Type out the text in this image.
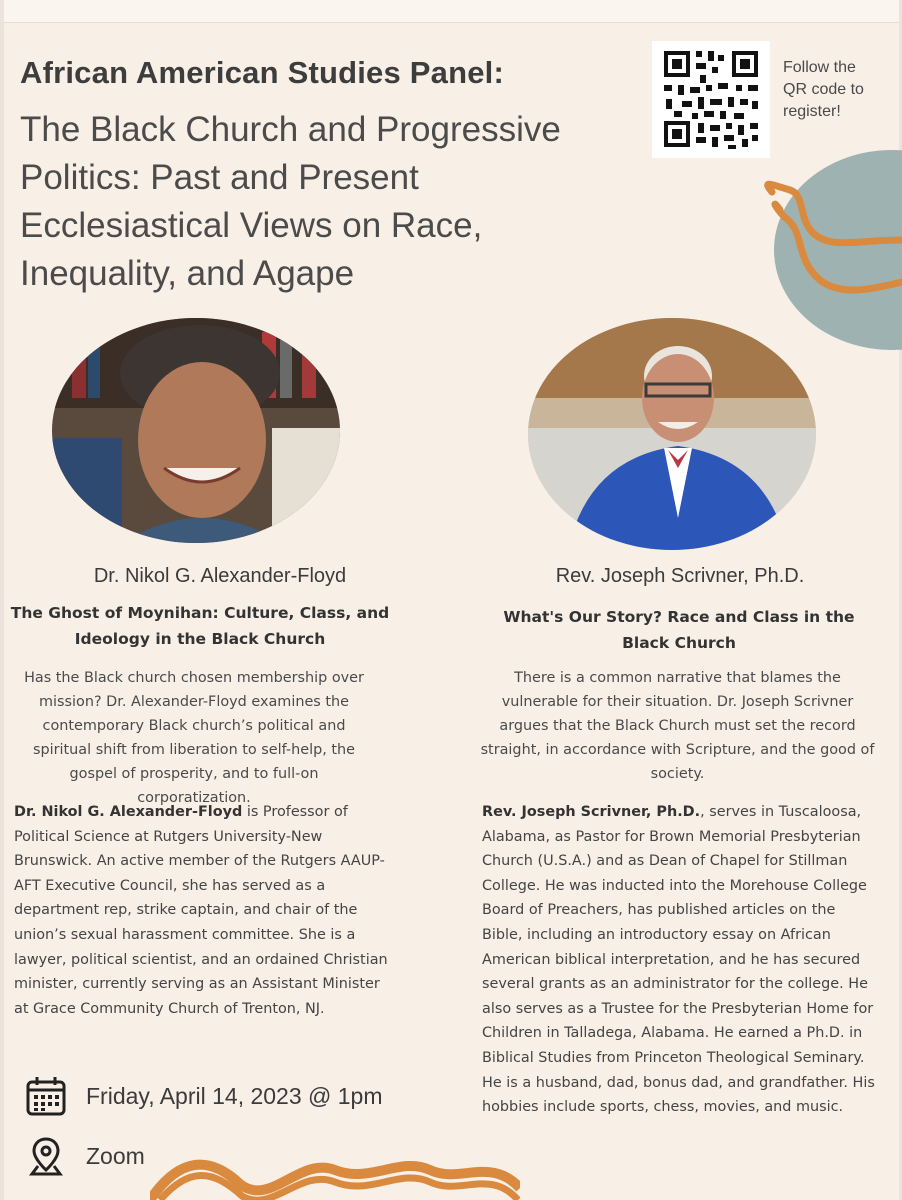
African American Studies Panel:
The Black Church and Progressive
Politics: Past and Present
Ecclesiastical Views on Race,
Inequality, and Agape
Follow the QR code to register!
Dr. Nikol G. Alexander-Floyd	Rev. Joseph Scrivner, Ph.D.
The Ghost of Moynihan: Culture, Class, and Ideology in the Black Church
What's Our Story? Race and Class in the Black Church
Has the Black church chosen membership over mission? Dr. Alexander-Floyd examines the contemporary Black church’s political and spiritual shift from liberation to self-help, the gospel of prosperity, and to full-on corporatization.
There is a common narrative that blames the vulnerable for their situation. Dr. Joseph Scrivner argues that the Black Church must set the record straight, in accordance with Scripture, and the good of society.
Dr. Nikol G. Alexander-Floyd is Professor of Political Science at Rutgers University-New Brunswick. An active member of the Rutgers AAUP-AFT Executive Council, she has served as a department rep, strike captain, and chair of the union’s sexual harassment committee. She is a lawyer, political scientist, and an ordained Christian minister, currently serving as an Assistant Minister at Grace Community Church of Trenton, NJ.
Rev. Joseph Scrivner, Ph.D., serves in Tuscaloosa, Alabama, as Pastor for Brown Memorial Presbyterian Church (U.S.A.) and as Dean of Chapel for Stillman College. He was inducted into the Morehouse College Board of Preachers, has published articles on the Bible, including an introductory essay on African American biblical interpretation, and he has secured several grants as an administrator for the college. He also serves as a Trustee for the Presbyterian Home for Children in Talladega, Alabama. He earned a Ph.D. in Biblical Studies from Princeton Theological Seminary. He is a husband, dad, bonus dad, and grandfather. His hobbies include sports, chess, movies, and music.
Friday, April 14, 2023 @ 1pm
Zoom
